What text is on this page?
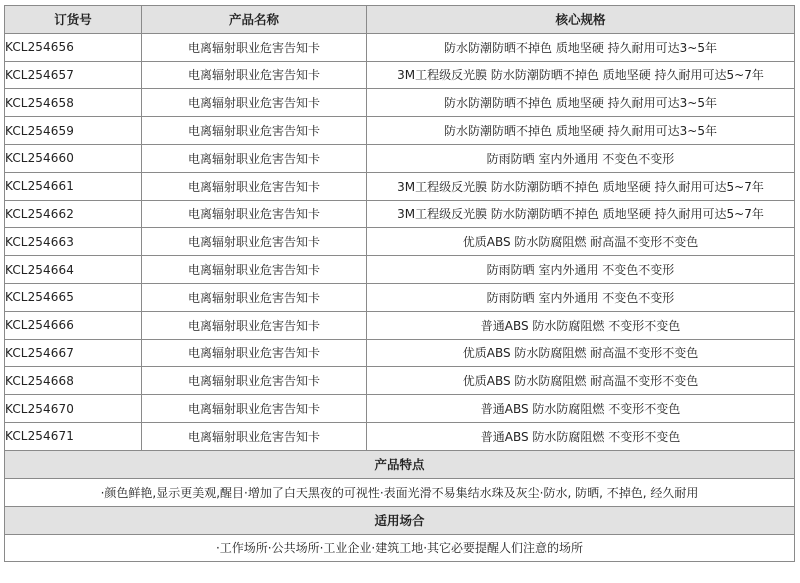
订货号	产品名称	核心规格
KCL254656	电离辐射职业危害告知卡	防水防潮防晒不掉色 质地坚硬 持久耐用可达3~5年
KCL254657	电离辐射职业危害告知卡	3M工程级反光膜 防水防潮防晒不掉色 质地坚硬 持久耐用可达5~7年
KCL254658	电离辐射职业危害告知卡	防水防潮防晒不掉色 质地坚硬 持久耐用可达3~5年
KCL254659	电离辐射职业危害告知卡	防水防潮防晒不掉色 质地坚硬 持久耐用可达3~5年
KCL254660	电离辐射职业危害告知卡	防雨防晒 室内外通用 不变色不变形
KCL254661	电离辐射职业危害告知卡	3M工程级反光膜 防水防潮防晒不掉色 质地坚硬 持久耐用可达5~7年
KCL254662	电离辐射职业危害告知卡	3M工程级反光膜 防水防潮防晒不掉色 质地坚硬 持久耐用可达5~7年
KCL254663	电离辐射职业危害告知卡	优质ABS 防水防腐阻燃 耐高温不变形不变色
KCL254664	电离辐射职业危害告知卡	防雨防晒 室内外通用 不变色不变形
KCL254665	电离辐射职业危害告知卡	防雨防晒 室内外通用 不变色不变形
KCL254666	电离辐射职业危害告知卡	普通ABS 防水防腐阻燃 不变形不变色
KCL254667	电离辐射职业危害告知卡	优质ABS 防水防腐阻燃 耐高温不变形不变色
KCL254668	电离辐射职业危害告知卡	优质ABS 防水防腐阻燃 耐高温不变形不变色
KCL254670	电离辐射职业危害告知卡	普通ABS 防水防腐阻燃 不变形不变色
KCL254671	电离辐射职业危害告知卡	普通ABS 防水防腐阻燃 不变形不变色
产品特点		
·颜色鲜艳,显示更美观,醒目·增加了白天黑夜的可视性·表面光滑不易集结水珠及灰尘·防水, 防晒, 不掉色, 经久耐用		
适用场合		
·工作场所·公共场所·工业企业·建筑工地·其它必要提醒人们注意的场所		
